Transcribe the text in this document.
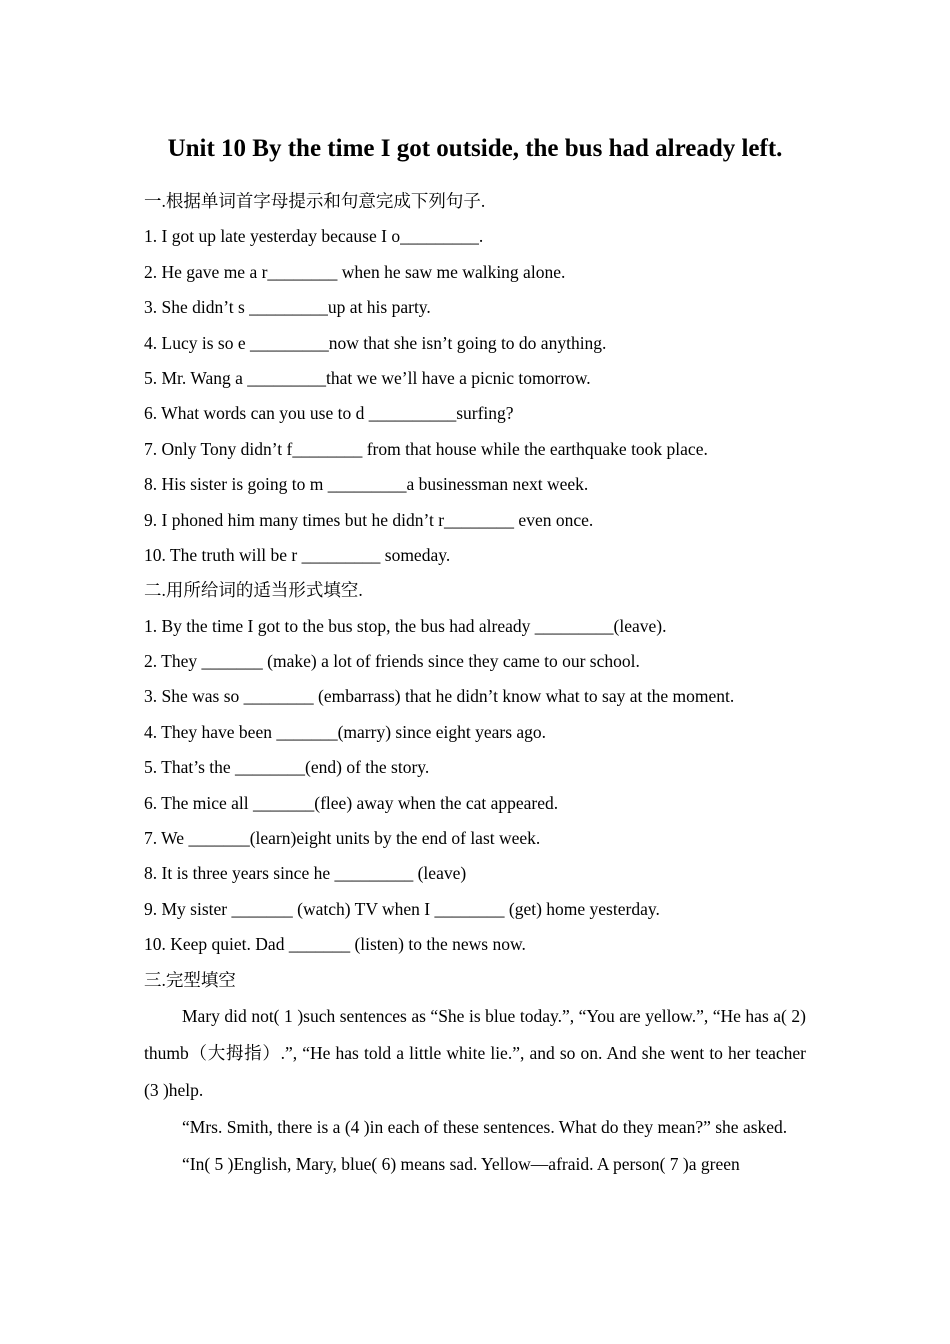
Unit 10 By the time I got outside, the bus had already left.

一.根据单词首字母提示和句意完成下列句子.

1. I got up late yesterday because I o_________.

2. He gave me a r________ when he saw me walking alone.

3. She didn’t s _________up at his party.

4. Lucy is so e _________now that she isn’t going to do anything.

5. Mr. Wang a _________that we we’ll have a picnic tomorrow.

6. What words can you use to d __________surfing?

7. Only Tony didn’t f________ from that house while the earthquake took place.

8. His sister is going to m _________a businessman next week.

9. I phoned him many times but he didn’t r________ even once.

10. The truth will be r _________ someday.

二.用所给词的适当形式填空.

1. By the time I got to the bus stop, the bus had already _________(leave).

2. They _______ (make) a lot of friends since they came to our school.

3. She was so ________ (embarrass) that he didn’t know what to say at the moment.

4. They have been _______(marry) since eight years ago.

5. That’s the ________(end) of the story.

6. The mice all _______(flee) away when the cat appeared.

7. We _______(learn)eight units by the end of last week.

8. It is three years since he _________ (leave)

9. My sister _______ (watch) TV when I ________ (get) home yesterday.

10. Keep quiet. Dad _______ (listen) to the news now.

三.完型填空

Mary did not( 1 )such sentences as “She is blue today.”, “You are yellow.”, “He has a( 2) thumb（大拇指）.”, “He has told a little white lie.”, and so on. And she went to her teacher (3 )help.

“Mrs. Smith, there is a (4 )in each of these sentences. What do they mean?” she asked.

“In( 5 )English, Mary, blue( 6) means sad. Yellow—afraid. A person( 7 )a green
